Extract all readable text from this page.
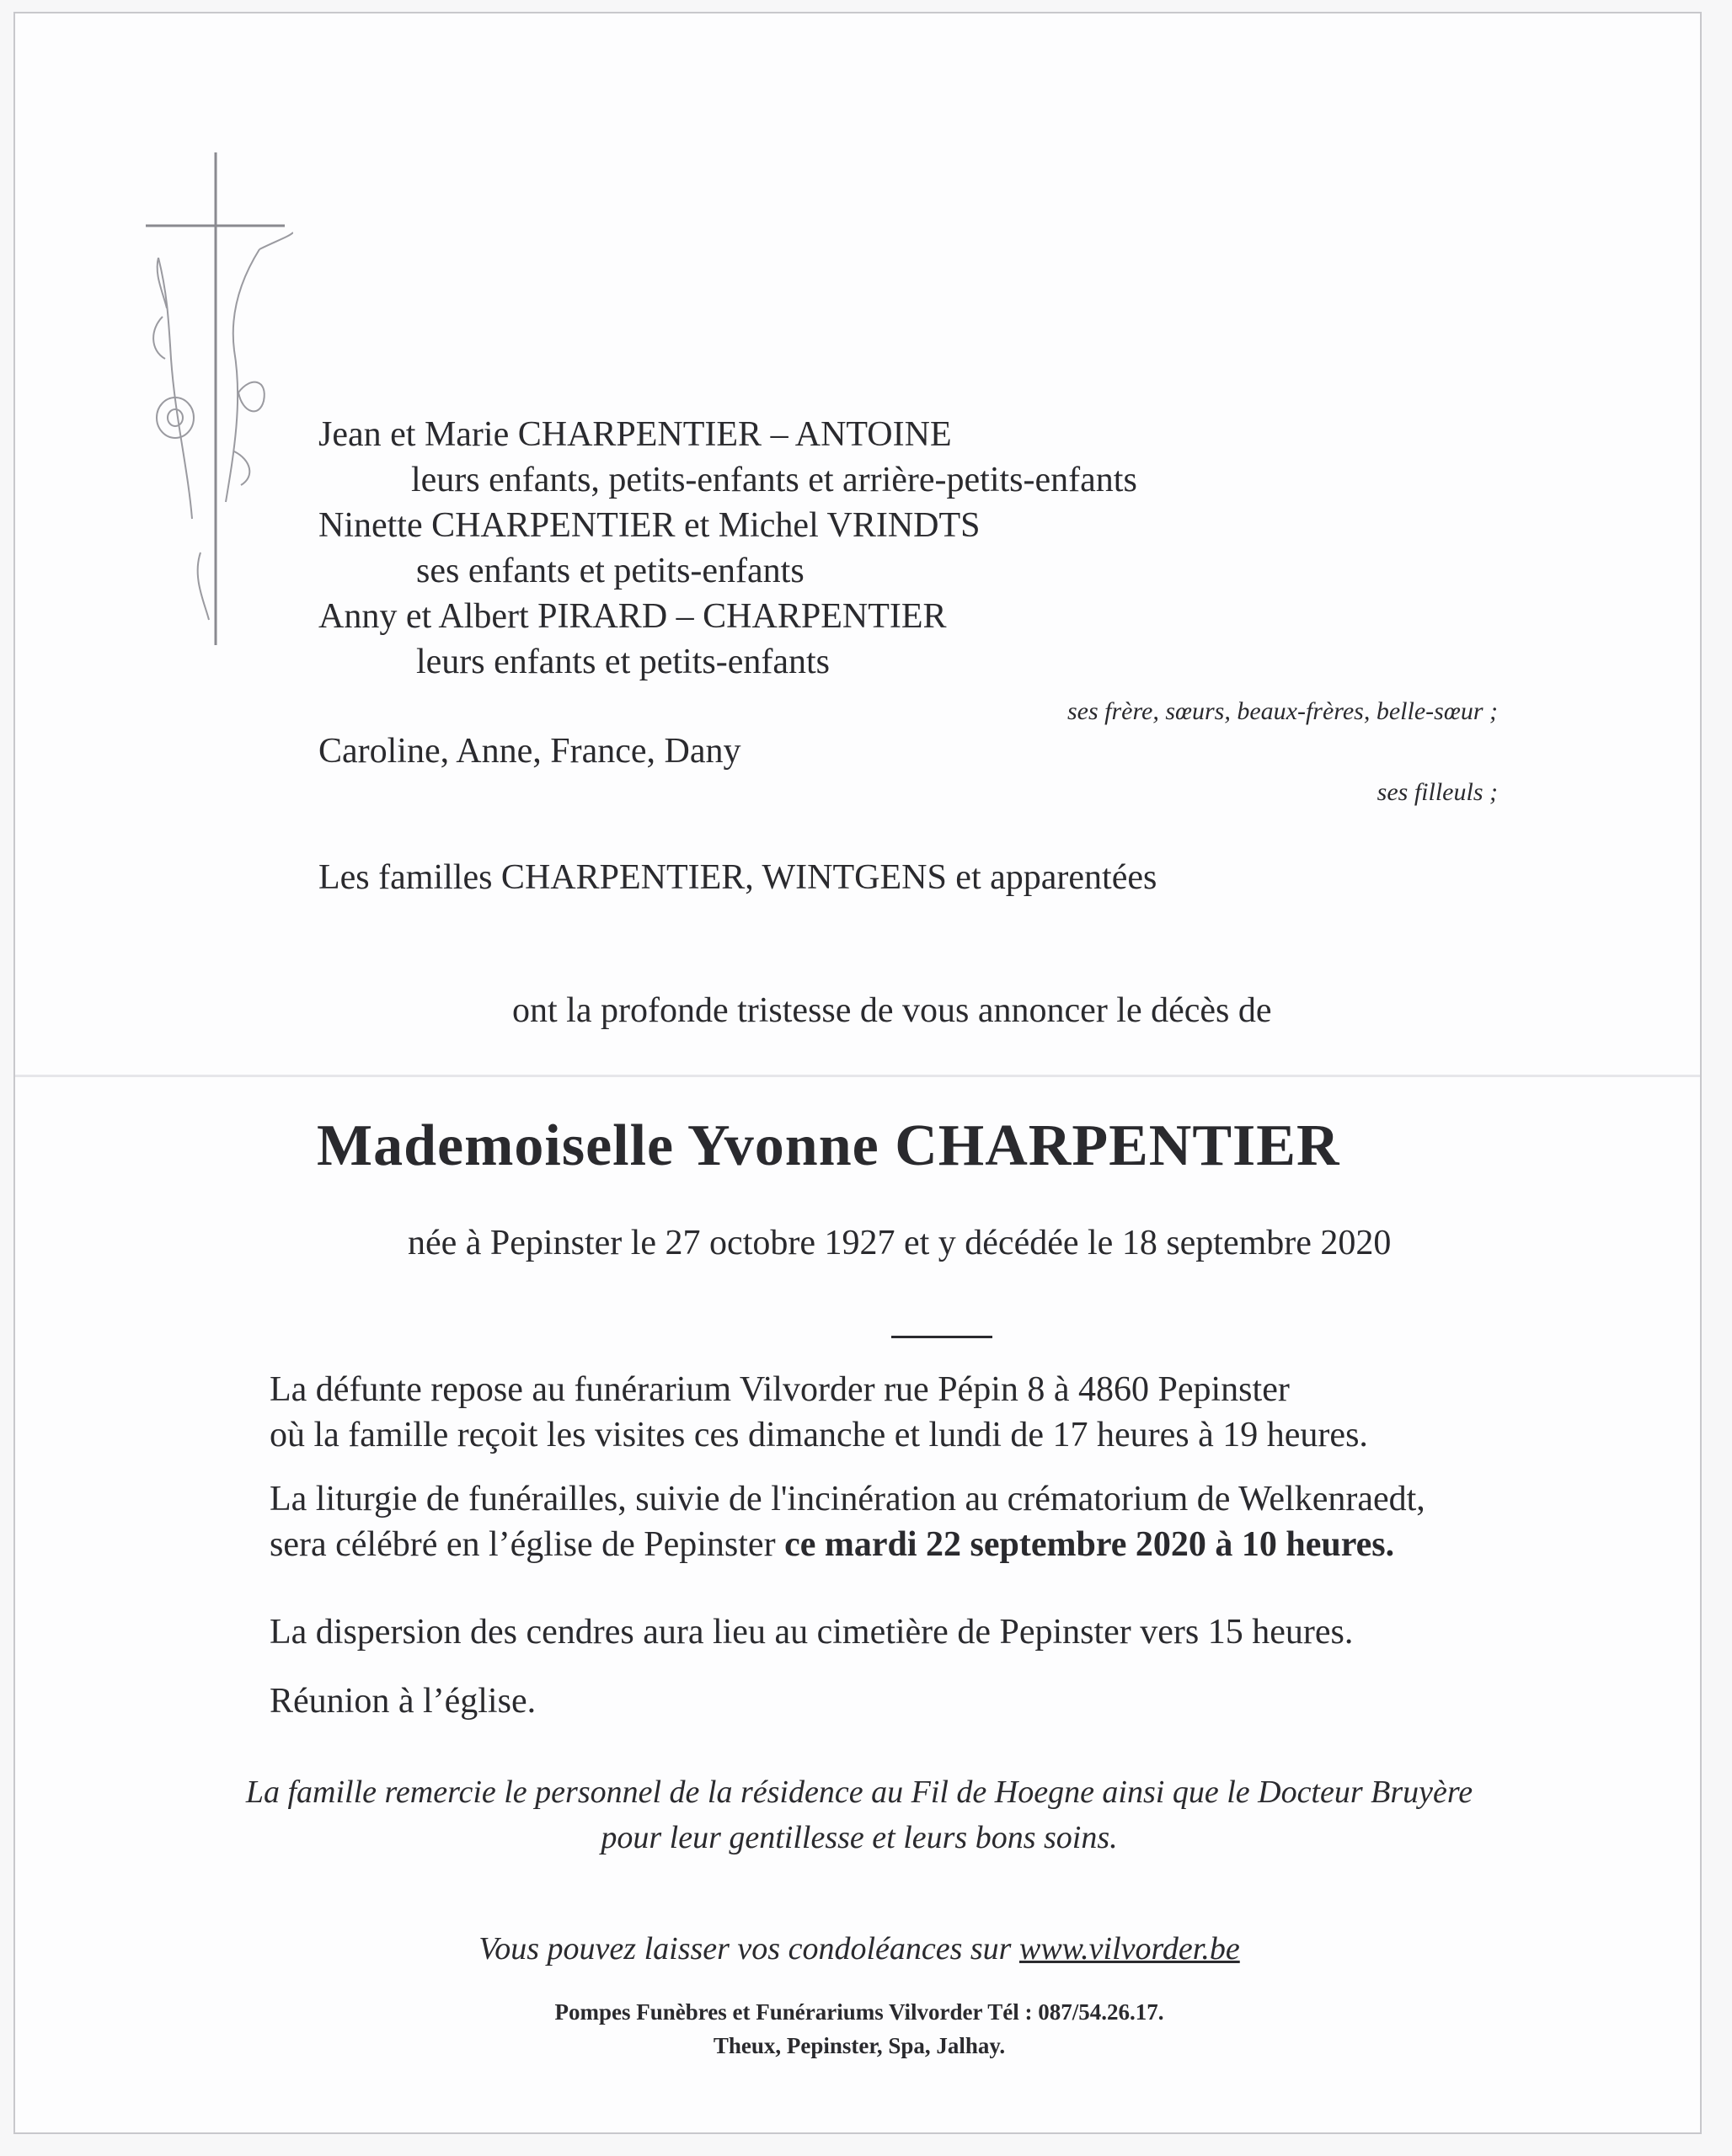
Jean et Marie CHARPENTIER – ANTOINE
leurs enfants, petits-enfants et arrière-petits-enfants
Ninette CHARPENTIER et Michel VRINDTS
ses enfants et petits-enfants
Anny et Albert PIRARD – CHARPENTIER
leurs enfants et petits-enfants
ses frère, sœurs, beaux-frères, belle-sœur ;
Caroline, Anne, France, Dany
ses filleuls ;
Les familles CHARPENTIER, WINTGENS et apparentées
ont la profonde tristesse de vous annoncer le décès de
Mademoiselle Yvonne CHARPENTIER
née à Pepinster le 27 octobre 1927 et y décédée le 18 septembre 2020
La défunte repose au funérarium Vilvorder rue Pépin 8 à 4860 Pepinster
où la famille reçoit les visites ces dimanche et lundi de 17 heures à 19 heures.
La liturgie de funérailles, suivie de l'incinération au crématorium de Welkenraedt,
sera célébré en l’église de Pepinster ce mardi 22 septembre 2020 à 10 heures.
La dispersion des cendres aura lieu au cimetière de Pepinster vers 15 heures.
Réunion à l’église.
La famille remercie le personnel de la résidence au Fil de Hoegne ainsi que le Docteur Bruyère
pour leur gentillesse et leurs bons soins.
Vous pouvez laisser vos condoléances sur www.vilvorder.be
Pompes Funèbres et Funérariums Vilvorder Tél : 087/54.26.17.
Theux, Pepinster, Spa, Jalhay.
